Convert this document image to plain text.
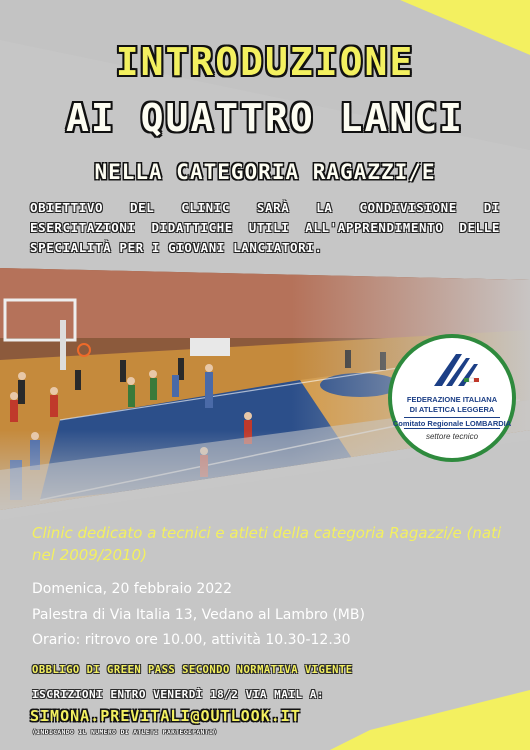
INTRODUZIONE
AI QUATTRO LANCI
NELLA CATEGORIA RAGAZZI/E
OBIETTIVO DEL CLINIC SARÀ LA CONDIVISIONE DI ESERCITAZIONI DIDATTICHE UTILI ALL'APPRENDIMENTO DELLE SPECIALITÀ PER I GIOVANI LANCIATORI.
FEDERAZIONE ITALIANA
DI ATLETICA LEGGERA
Comitato Regionale LOMBARDIA
settore tecnico
Clinic dedicato a tecnici e atleti della categoria Ragazzi/e (nati nel 2009/2010)
Domenica, 20 febbraio 2022
Palestra di Via Italia 13, Vedano al Lambro (MB)
Orario: ritrovo ore 10.00, attività 10.30-12.30
OBBLIGO DI GREEN PASS SECONDO NORMATIVA VIGENTE
ISCRIZIONI ENTRO VENERDÌ 18/2 VIA MAIL A:
SIMONA.PREVITALI@OUTLOOK.IT
(INDICANDO IL NUMERO DI ATLETI PARTECIPANTI)
